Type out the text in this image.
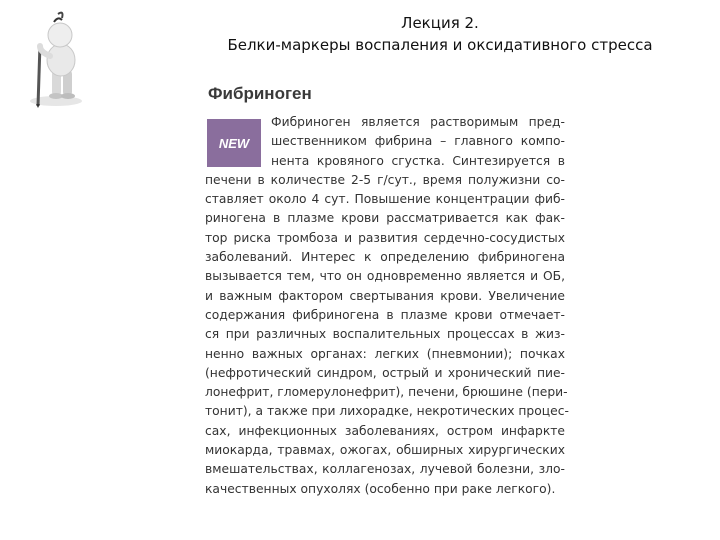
Лекция 2.
Белки-маркеры воспаления и оксидативного стресса
Фибриноген
NEW
Фибриноген является растворимым пред-
шественником фибрина – главного компо-
нента кровяного сгустка. Синтезируется в
печени в количестве 2-5 г/сут., время полужизни со-
ставляет около 4 сут. Повышение концентрации фиб-
риногена в плазме крови рассматривается как фак-
тор риска тромбоза и развития сердечно-сосудистых
заболеваний. Интерес к определению фибриногена
вызывается тем, что он одновременно является и ОБ,
и важным фактором свертывания крови. Увеличение
содержания фибриногена в плазме крови отмечает-
ся при различных воспалительных процессах в жиз-
ненно важных органах: легких (пневмонии); почках
(нефротический синдром, острый и хронический пие-
лонефрит, гломерулонефрит), печени, брюшине (пери-
тонит), а также при лихорадке, некротических процес-
сах, инфекционных заболеваниях, остром инфаркте
миокарда, травмах, ожогах, обширных хирургических
вмешательствах, коллагенозах, лучевой болезни, зло-
качественных опухолях (особенно при раке легкого).
